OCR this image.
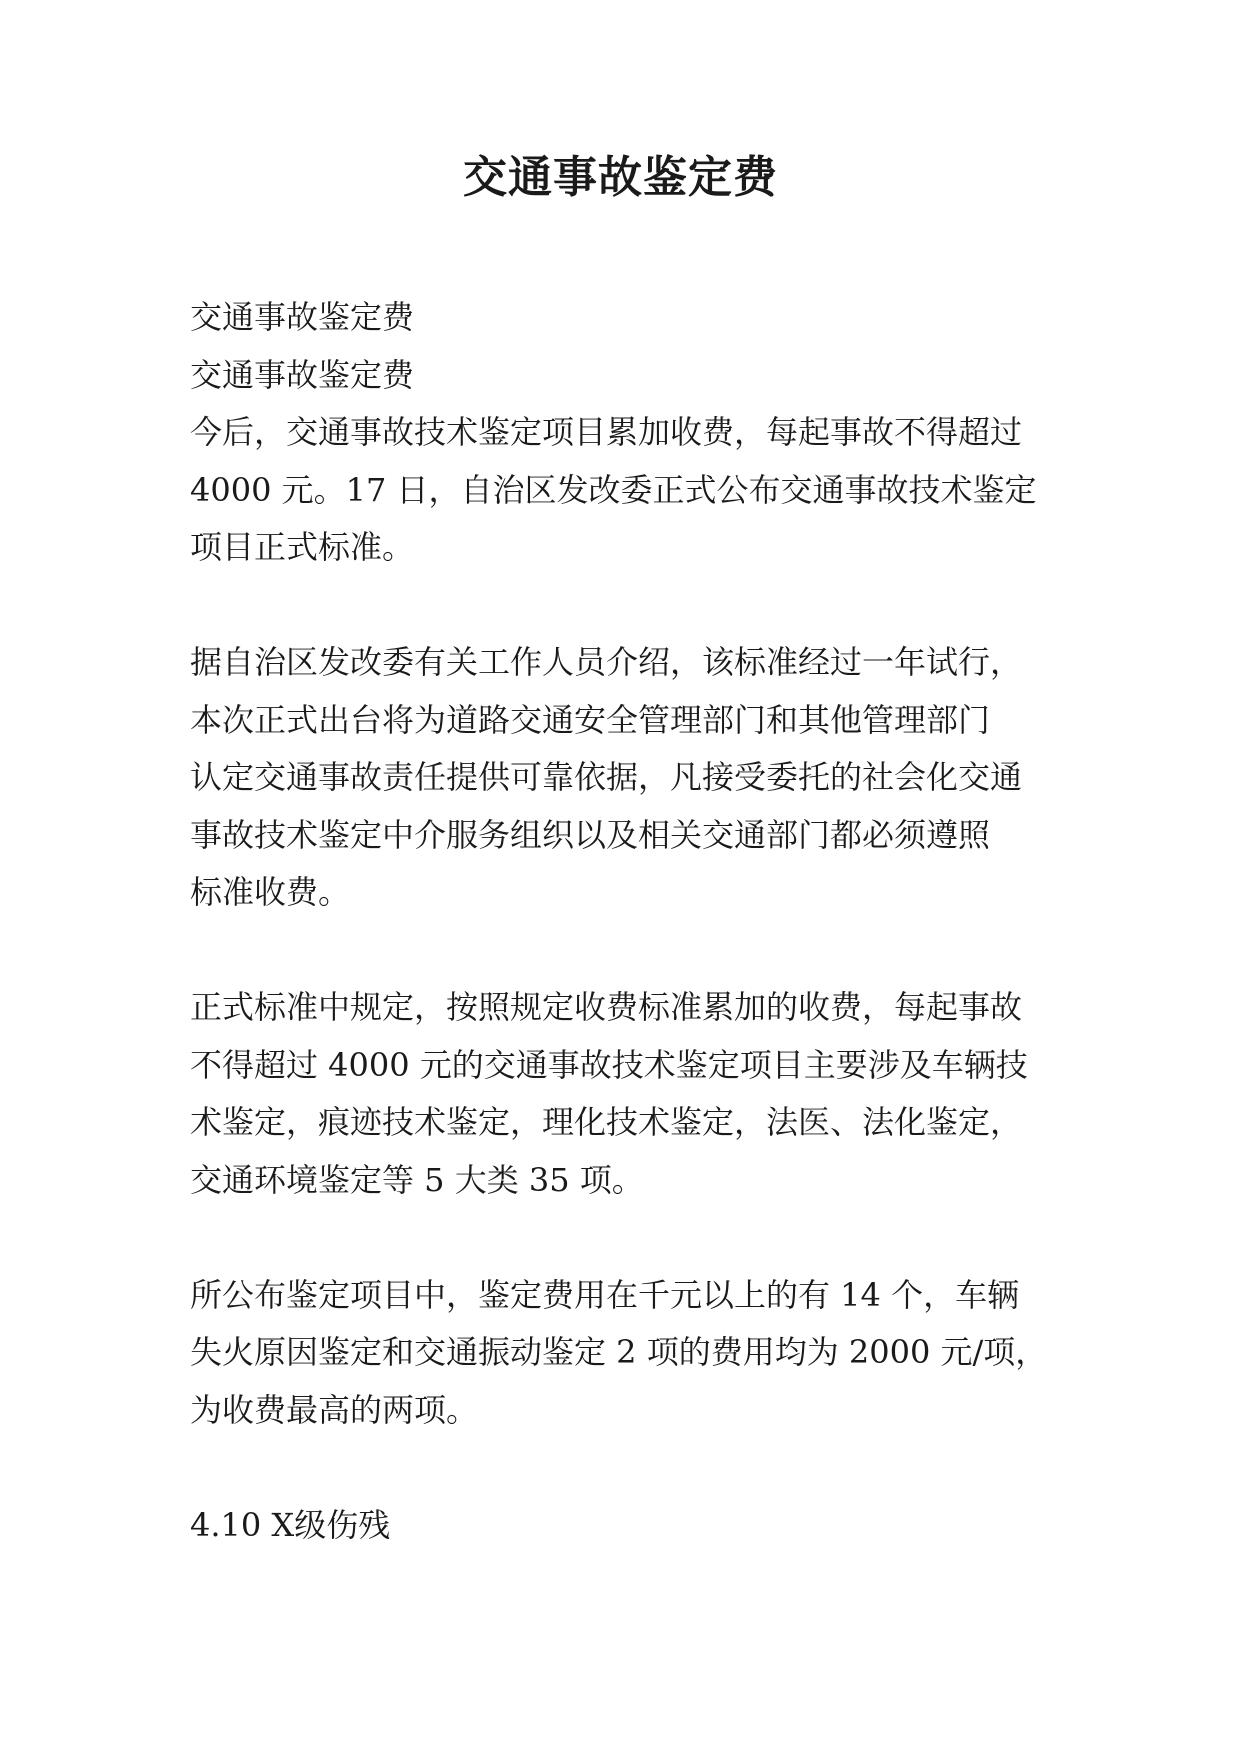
交通事故鉴定费
交通事故鉴定费
交通事故鉴定费
今后，交通事故技术鉴定项目累加收费，每起事故不得超过
4000 元。17 日，自治区发改委正式公布交通事故技术鉴定
项目正式标准。
据自治区发改委有关工作人员介绍，该标准经过一年试行，
本次正式出台将为道路交通安全管理部门和其他管理部门
认定交通事故责任提供可靠依据，凡接受委托的社会化交通
事故技术鉴定中介服务组织以及相关交通部门都必须遵照
标准收费。
正式标准中规定，按照规定收费标准累加的收费，每起事故
不得超过 4000 元的交通事故技术鉴定项目主要涉及车辆技
术鉴定，痕迹技术鉴定，理化技术鉴定，法医、法化鉴定，
交通环境鉴定等 5 大类 35 项。
所公布鉴定项目中，鉴定费用在千元以上的有 14 个，车辆
失火原因鉴定和交通振动鉴定 2 项的费用均为 2000 元/项，
为收费最高的两项。
4.10 X级伤残
